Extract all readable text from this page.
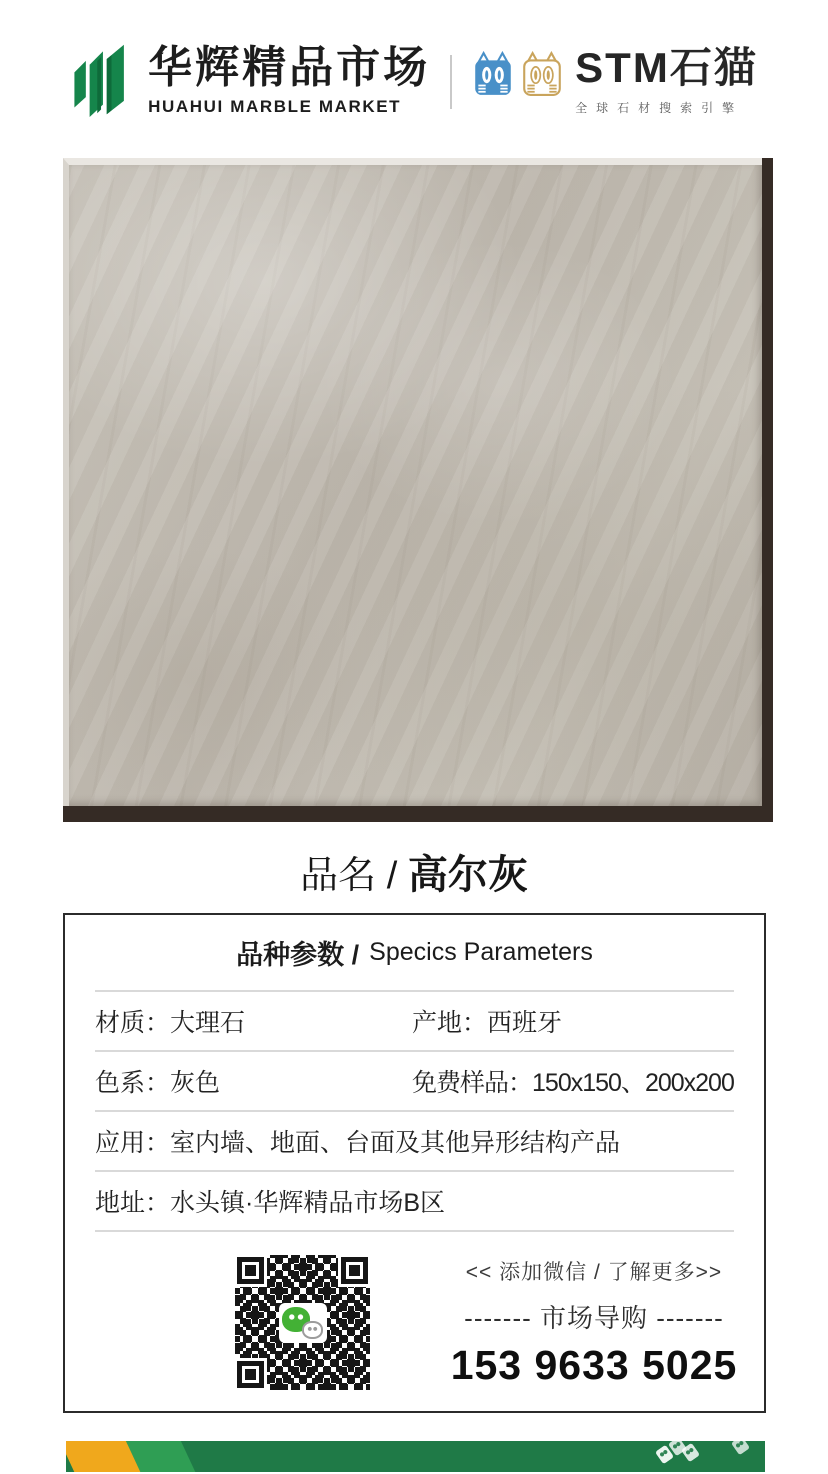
华辉精品市场
HUAHUI MARBLE MARKET
STM石猫
全球石材搜索引擎
品名 / 高尔灰
品种参数 / Specics Parameters
材质： 大理石	产地： 西班牙
色系： 灰色	免费样品： 150x150、200x200
应用： 室内墙、地面、台面及其他异形结构产品
地址： 水头镇·华辉精品市场B区
<< 添加微信 / 了解更多>>
------- 市场导购 -------
153 9633 5025
